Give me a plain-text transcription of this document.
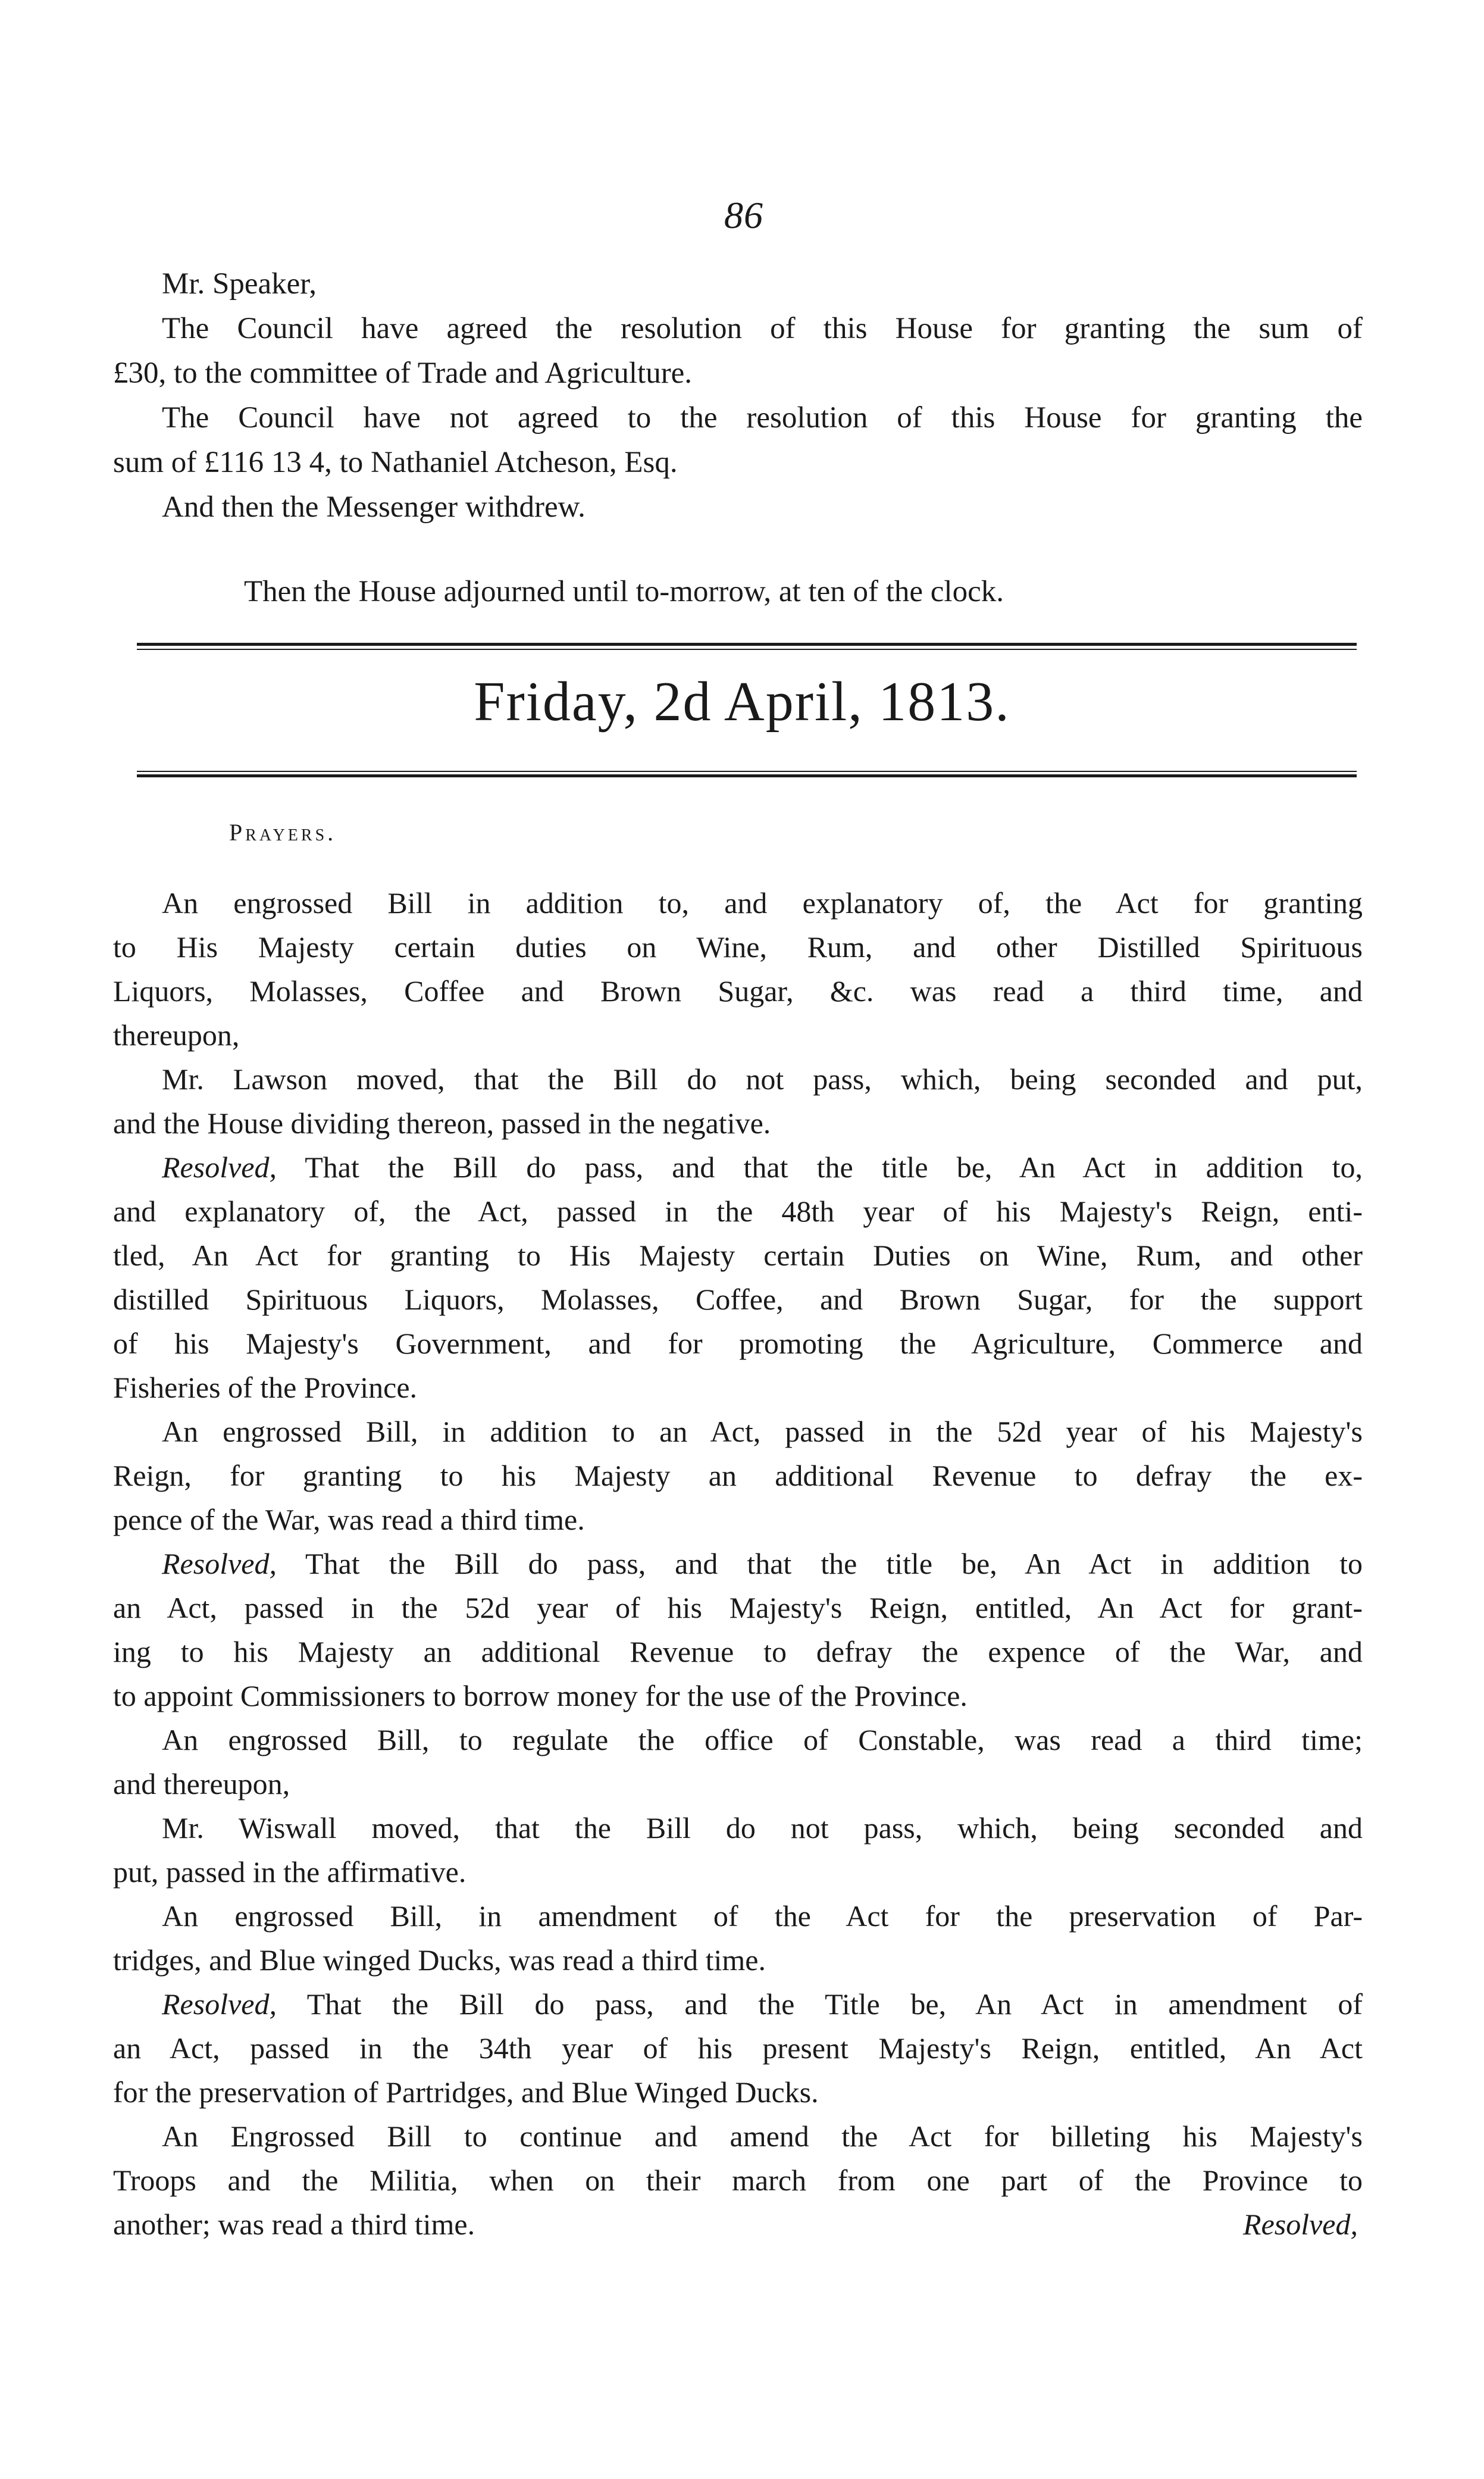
86
Mr. Speaker,
The Council have agreed the resolution of this House for granting the sum of
£30, to the committee of Trade and Agriculture.
The Council have not agreed to the resolution of this House for granting the
sum of £116 13 4, to Nathaniel Atcheson, Esq.
And then the Messenger withdrew.
Then the House adjourned until to-morrow, at ten of the clock.
Friday, 2d April, 1813.
Prayers.
An engrossed Bill in addition to, and explanatory of, the Act for granting
to His Majesty certain duties on Wine, Rum, and other Distilled Spirituous
Liquors, Molasses, Coffee and Brown Sugar, &c. was read a third time, and
thereupon,
Mr. Lawson moved, that the Bill do not pass, which, being seconded and put,
and the House dividing thereon, passed in the negative.
Resolved, That the Bill do pass, and that the title be, An Act in addition to,
and explanatory of, the Act, passed in the 48th year of his Majesty's Reign, enti-
tled, An Act for granting to His Majesty certain Duties on Wine, Rum, and other
distilled Spirituous Liquors, Molasses, Coffee, and Brown Sugar, for the support
of his Majesty's Government, and for promoting the Agriculture, Commerce and
Fisheries of the Province.
An engrossed Bill, in addition to an Act, passed in the 52d year of his Majesty's
Reign, for granting to his Majesty an additional Revenue to defray the ex-
pence of the War, was read a third time.
Resolved, That the Bill do pass, and that the title be, An Act in addition to
an Act, passed in the 52d year of his Majesty's Reign, entitled, An Act for grant-
ing to his Majesty an additional Revenue to defray the expence of the War, and
to appoint Commissioners to borrow money for the use of the Province.
An engrossed Bill, to regulate the office of Constable, was read a third time;
and thereupon,
Mr. Wiswall moved, that the Bill do not pass, which, being seconded and
put, passed in the affirmative.
An engrossed Bill, in amendment of the Act for the preservation of Par-
tridges, and Blue winged Ducks, was read a third time.
Resolved, That the Bill do pass, and the Title be, An Act in amendment of
an Act, passed in the 34th year of his present Majesty's Reign, entitled, An Act
for the preservation of Partridges, and Blue Winged Ducks.
An Engrossed Bill to continue and amend the Act for billeting his Majesty's
Troops and the Militia, when on their march from one part of the Province to
another; was read a third time.	Resolved,
